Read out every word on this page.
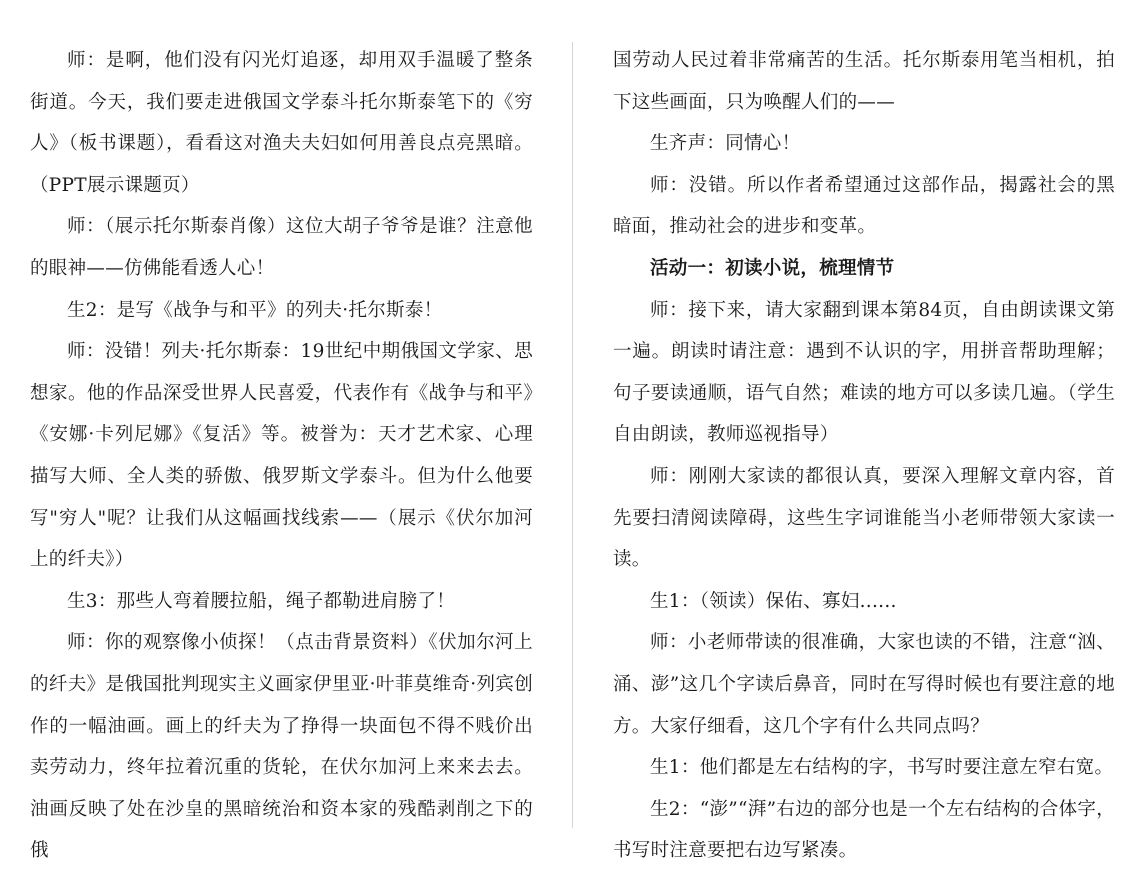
师：是啊，他们没有闪光灯追逐，却用双手温暖了整条街道。今天，我们要走进俄国文学泰斗托尔斯泰笔下的《穷人》（板书课题），看看这对渔夫夫妇如何用善良点亮黑暗。（PPT展示课题页）

师：（展示托尔斯泰肖像）这位大胡子爷爷是谁？注意他的眼神——仿佛能看透人心！

生2：是写《战争与和平》的列夫·托尔斯泰！

师：没错！列夫·托尔斯泰：19世纪中期俄国文学家、思想家。他的作品深受世界人民喜爱，代表作有《战争与和平》《安娜·卡列尼娜》《复活》等。被誉为：天才艺术家、心理描写大师、全人类的骄傲、俄罗斯文学泰斗。但为什么他要写"穷人"呢？让我们从这幅画找线索——（展示《伏尔加河上的纤夫》）

生3：那些人弯着腰拉船，绳子都勒进肩膀了！

师：你的观察像小侦探！（点击背景资料）《伏加尔河上的纤夫》是俄国批判现实主义画家伊里亚·叶菲莫维奇·列宾创作的一幅油画。画上的纤夫为了挣得一块面包不得不贱价出卖劳动力，终年拉着沉重的货轮，在伏尔加河上来来去去。油画反映了处在沙皇的黑暗统治和资本家的残酷剥削之下的俄

国劳动人民过着非常痛苦的生活。托尔斯泰用笔当相机，拍下这些画面，只为唤醒人们的——

生齐声：同情心！

师：没错。所以作者希望通过这部作品，揭露社会的黑暗面，推动社会的进步和变革。

活动一：初读小说，梳理情节

师：接下来，请大家翻到课本第84页，自由朗读课文第一遍。朗读时请注意：遇到不认识的字，用拼音帮助理解；句子要读通顺，语气自然；难读的地方可以多读几遍。（学生自由朗读，教师巡视指导）

师：刚刚大家读的都很认真，要深入理解文章内容，首先要扫清阅读障碍，这些生字词谁能当小老师带领大家读一读。

生1：（领读）保佑、寡妇......

师：小老师带读的很准确，大家也读的不错，注意“汹、涌、澎”这几个字读后鼻音，同时在写得时候也有要注意的地方。大家仔细看，这几个字有什么共同点吗？

生1：他们都是左右结构的字，书写时要注意左窄右宽。

生2：“澎”“湃”右边的部分也是一个左右结构的合体字，书写时注意要把右边写紧凑。
